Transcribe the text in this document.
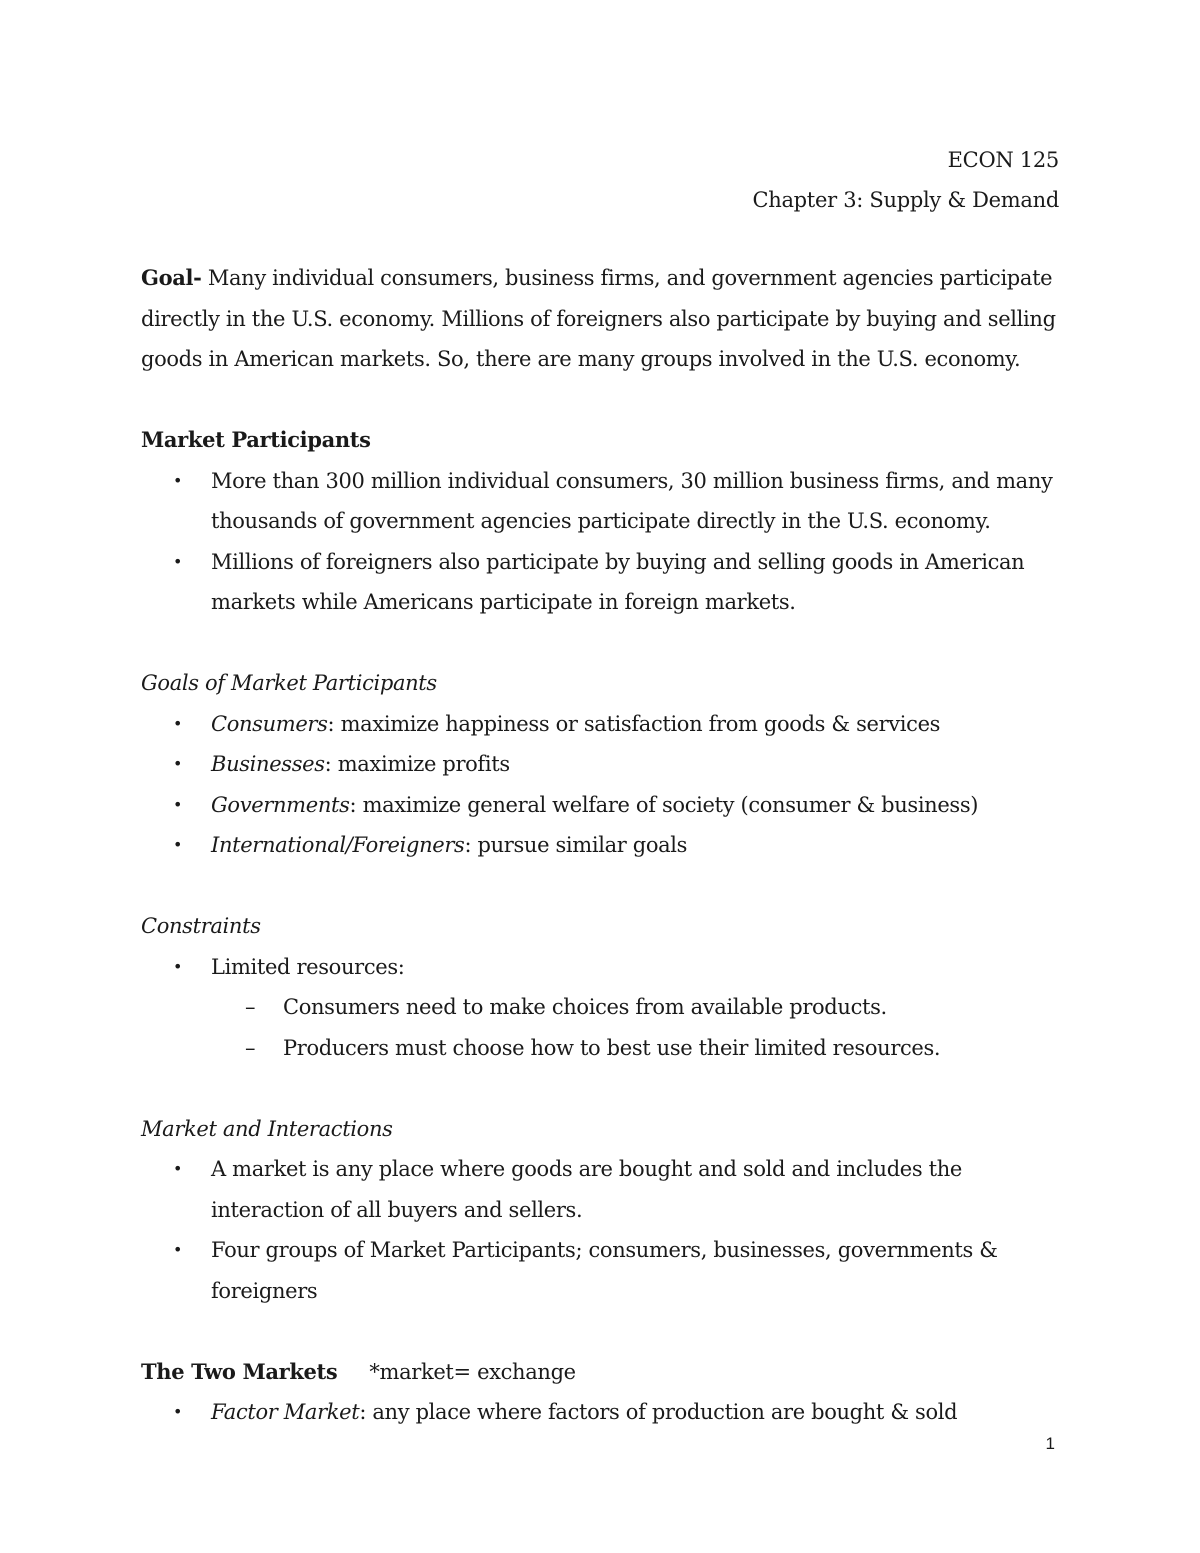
ECON 125
Chapter 3: Supply & Demand

Goal- Many individual consumers, business firms, and government agencies participate directly in the U.S. economy. Millions of foreigners also participate by buying and selling goods in American markets. So, there are many groups involved in the U.S. economy.

Market Participants

•	More than 300 million individual consumers, 30 million business firms, and many thousands of government agencies participate directly in the U.S. economy.
•	Millions of foreigners also participate by buying and selling goods in American markets while Americans participate in foreign markets.

Goals of Market Participants

•	Consumers: maximize happiness or satisfaction from goods & services
•	Businesses: maximize profits
•	Governments: maximize general welfare of society (consumer & business)
•	International/Foreigners: pursue similar goals

Constraints

•	Limited resources:
– Consumers need to make choices from available products.
– Producers must choose how to best use their limited resources.

Market and Interactions

•	A market is any place where goods are bought and sold and includes the interaction of all buyers and sellers.
•	Four groups of Market Participants; consumers, businesses, governments & foreigners

The Two Markets *market= exchange

•	Factor Market: any place where factors of production are bought & sold
1
